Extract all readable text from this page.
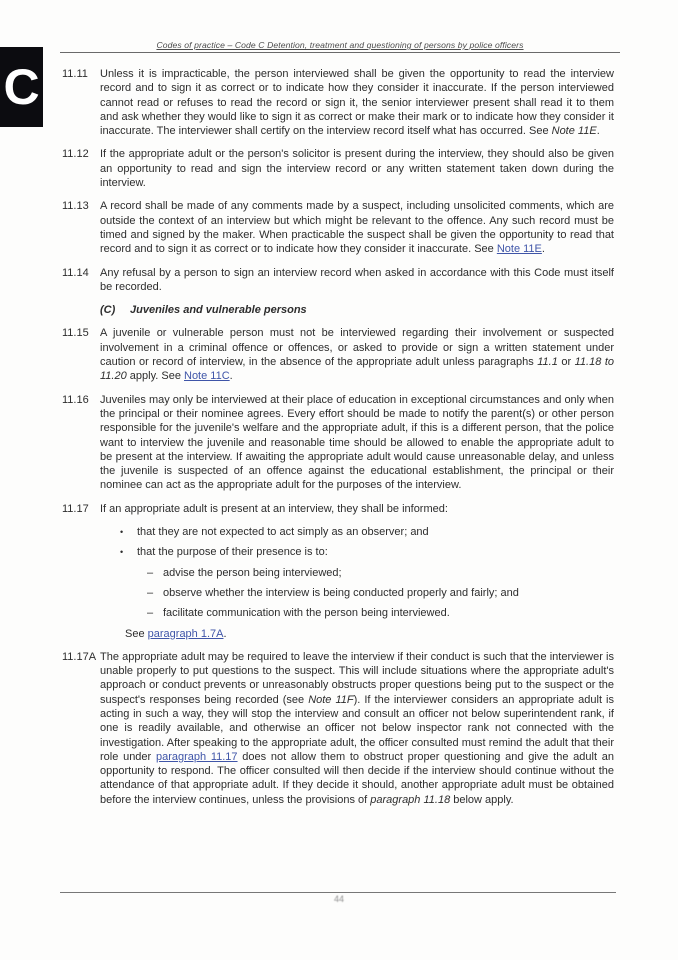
C
Codes of practice – Code C Detention, treatment and questioning of persons by police officers
11.11	Unless it is impracticable, the person interviewed shall be given the opportunity to read the interview record and to sign it as correct or to indicate how they consider it inaccurate. If the person interviewed cannot read or refuses to read the record or sign it, the senior interviewer present shall read it to them and ask whether they would like to sign it as correct or make their mark or to indicate how they consider it inaccurate. The interviewer shall certify on the interview record itself what has occurred. See Note 11E.
11.12	If the appropriate adult or the person's solicitor is present during the interview, they should also be given an opportunity to read and sign the interview record or any written statement taken down during the interview.
11.13	A record shall be made of any comments made by a suspect, including unsolicited comments, which are outside the context of an interview but which might be relevant to the offence. Any such record must be timed and signed by the maker. When practicable the suspect shall be given the opportunity to read that record and to sign it as correct or to indicate how they consider it inaccurate. See Note 11E.
11.14	Any refusal by a person to sign an interview record when asked in accordance with this Code must itself be recorded.
(C)	Juveniles and vulnerable persons
11.15	A juvenile or vulnerable person must not be interviewed regarding their involvement or suspected involvement in a criminal offence or offences, or asked to provide or sign a written statement under caution or record of interview, in the absence of the appropriate adult unless paragraphs 11.1 or 11.18 to 11.20 apply. See Note 11C.
11.16	Juveniles may only be interviewed at their place of education in exceptional circumstances and only when the principal or their nominee agrees. Every effort should be made to notify the parent(s) or other person responsible for the juvenile's welfare and the appropriate adult, if this is a different person, that the police want to interview the juvenile and reasonable time should be allowed to enable the appropriate adult to be present at the interview. If awaiting the appropriate adult would cause unreasonable delay, and unless the juvenile is suspected of an offence against the educational establishment, the principal or their nominee can act as the appropriate adult for the purposes of the interview.
11.17	If an appropriate adult is present at an interview, they shall be informed:
•	that they are not expected to act simply as an observer; and
•	that the purpose of their presence is to:
– advise the person being interviewed;
– observe whether the interview is being conducted properly and fairly; and
– facilitate communication with the person being interviewed.
See paragraph 1.7A.
11.17A The appropriate adult may be required to leave the interview if their conduct is such that the interviewer is unable properly to put questions to the suspect. This will include situations where the appropriate adult's approach or conduct prevents or unreasonably obstructs proper questions being put to the suspect or the suspect's responses being recorded (see Note 11F). If the interviewer considers an appropriate adult is acting in such a way, they will stop the interview and consult an officer not below superintendent rank, if one is readily available, and otherwise an officer not below inspector rank not connected with the investigation. After speaking to the appropriate adult, the officer consulted must remind the adult that their role under paragraph 11.17 does not allow them to obstruct proper questioning and give the adult an opportunity to respond. The officer consulted will then decide if the interview should continue without the attendance of that appropriate adult. If they decide it should, another appropriate adult must be obtained before the interview continues, unless the provisions of paragraph 11.18 below apply.
44
